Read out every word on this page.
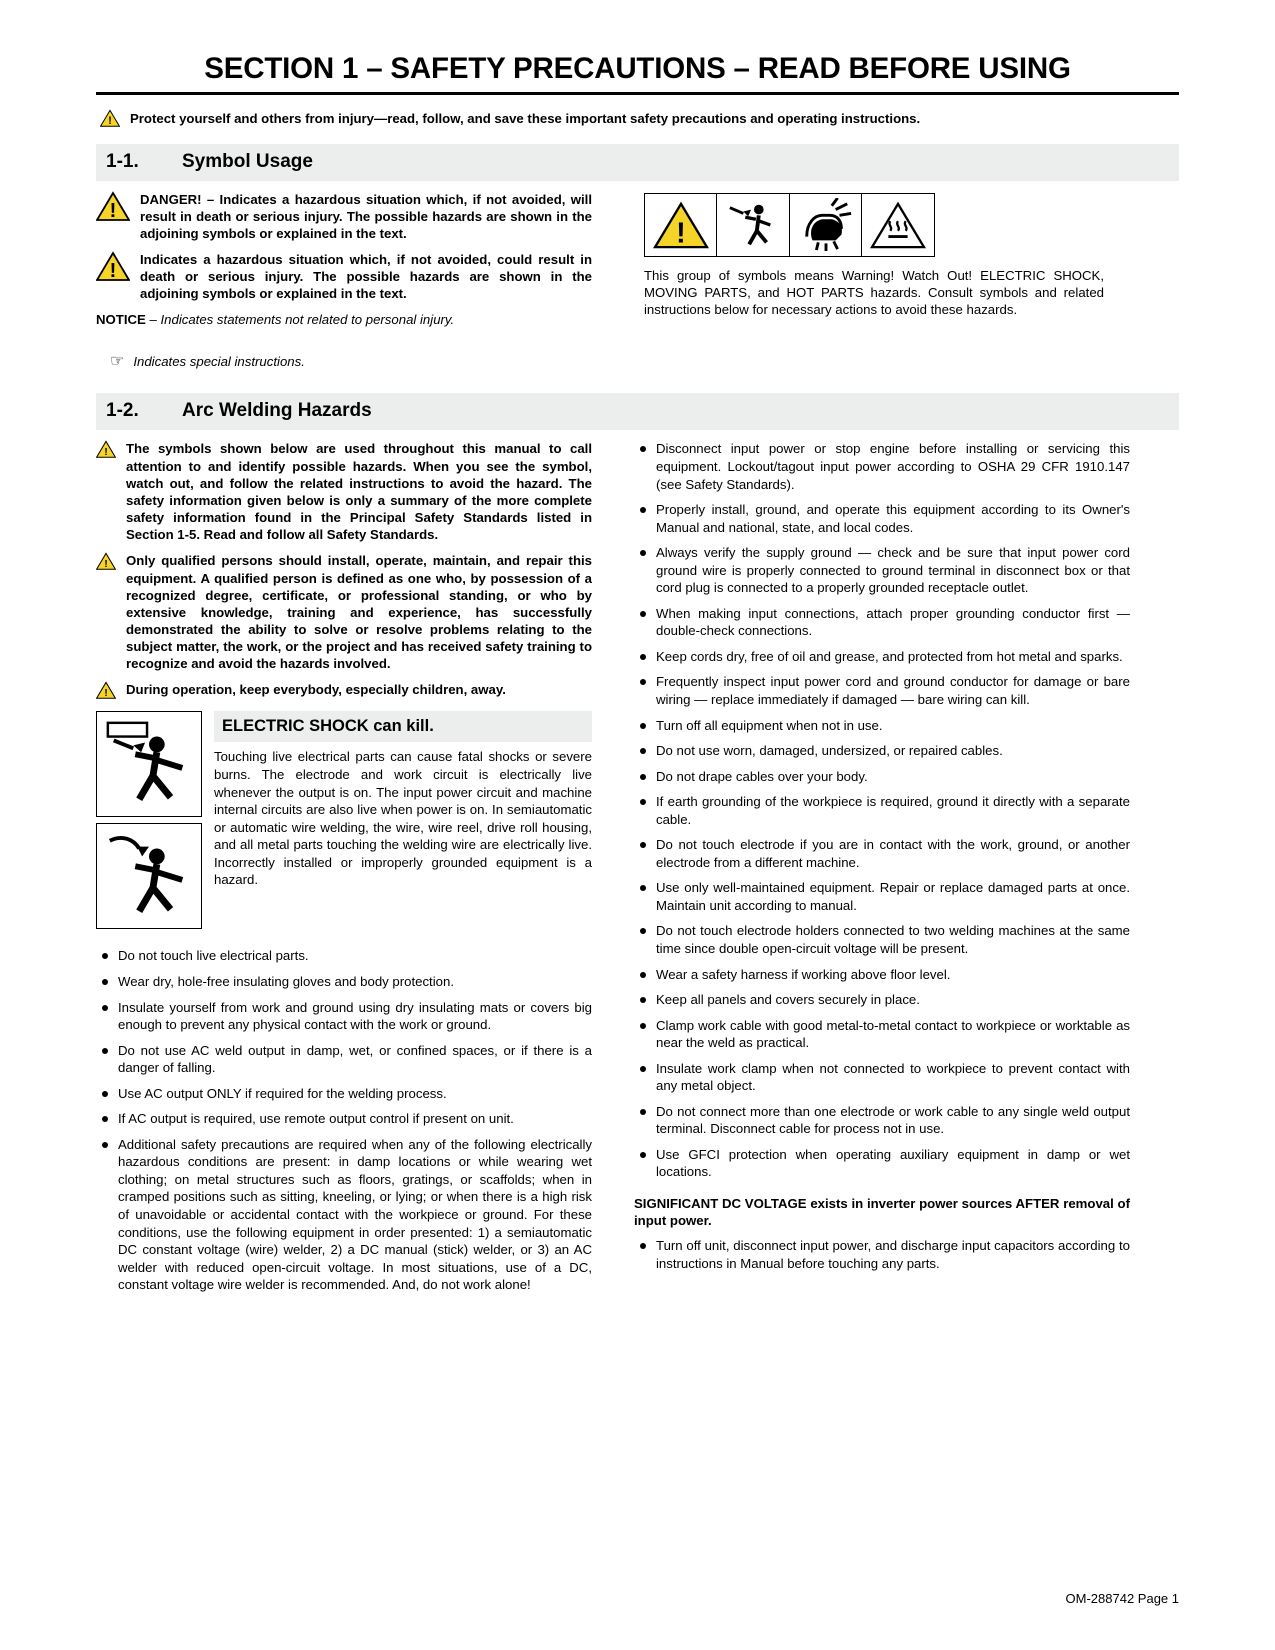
SECTION 1 – SAFETY PRECAUTIONS – READ BEFORE USING
! Protect yourself and others from injury—read, follow, and save these important safety precautions and operating instructions.
1-1.	Symbol Usage
!
DANGER! – Indicates a hazardous situation which, if not avoided, will result in death or serious injury. The possible hazards are shown in the adjoining symbols or explained in the text.
!
Indicates a hazardous situation which, if not avoided, could result in death or serious injury. The possible hazards are shown in the adjoining symbols or explained in the text.
NOTICE – Indicates statements not related to personal injury.
☞ Indicates special instructions.
!
This group of symbols means Warning! Watch Out! ELECTRIC SHOCK, MOVING PARTS, and HOT PARTS hazards. Consult symbols and related instructions below for necessary actions to avoid these hazards.
1-2.	Arc Welding Hazards
! The symbols shown below are used throughout this manual to call attention to and identify possible hazards. When you see the symbol, watch out, and follow the related instructions to avoid the hazard. The safety information given below is only a summary of the more complete safety information found in the Principal Safety Standards listed in Section 1-5. Read and follow all Safety Standards.
! Only qualified persons should install, operate, maintain, and repair this equipment. A qualified person is defined as one who, by possession of a recognized degree, certificate, or professional standing, or who by extensive knowledge, training and experience, has successfully demonstrated the ability to solve or resolve problems relating to the subject matter, the work, or the project and has received safety training to recognize and avoid the hazards involved.
! During operation, keep everybody, especially children, away.
ELECTRIC SHOCK can kill.
Touching live electrical parts can cause fatal shocks or severe burns. The electrode and work circuit is electrically live whenever the output is on. The input power circuit and machine internal circuits are also live when power is on. In semiautomatic or automatic wire welding, the wire, wire reel, drive roll housing, and all metal parts touching the welding wire are electrically live. Incorrectly installed or improperly grounded equipment is a hazard.
Do not touch live electrical parts.
Wear dry, hole-free insulating gloves and body protection.
Insulate yourself from work and ground using dry insulating mats or covers big enough to prevent any physical contact with the work or ground.
Do not use AC weld output in damp, wet, or confined spaces, or if there is a danger of falling.
Use AC output ONLY if required for the welding process.
If AC output is required, use remote output control if present on unit.
Additional safety precautions are required when any of the following electrically hazardous conditions are present: in damp locations or while wearing wet clothing; on metal structures such as floors, gratings, or scaffolds; when in cramped positions such as sitting, kneeling, or lying; or when there is a high risk of unavoidable or accidental contact with the workpiece or ground. For these conditions, use the following equipment in order presented: 1) a semiautomatic DC constant voltage (wire) welder, 2) a DC manual (stick) welder, or 3) an AC welder with reduced open-circuit voltage. In most situations, use of a DC, constant voltage wire welder is recommended. And, do not work alone!
Disconnect input power or stop engine before installing or servicing this equipment. Lockout/tagout input power according to OSHA 29 CFR 1910.147 (see Safety Standards).
Properly install, ground, and operate this equipment according to its Owner's Manual and national, state, and local codes.
Always verify the supply ground — check and be sure that input power cord ground wire is properly connected to ground terminal in disconnect box or that cord plug is connected to a properly grounded receptacle outlet.
When making input connections, attach proper grounding conductor first — double-check connections.
Keep cords dry, free of oil and grease, and protected from hot metal and sparks.
Frequently inspect input power cord and ground conductor for damage or bare wiring — replace immediately if damaged — bare wiring can kill.
Turn off all equipment when not in use.
Do not use worn, damaged, undersized, or repaired cables.
Do not drape cables over your body.
If earth grounding of the workpiece is required, ground it directly with a separate cable.
Do not touch electrode if you are in contact with the work, ground, or another electrode from a different machine.
Use only well-maintained equipment. Repair or replace damaged parts at once. Maintain unit according to manual.
Do not touch electrode holders connected to two welding machines at the same time since double open-circuit voltage will be present.
Wear a safety harness if working above floor level.
Keep all panels and covers securely in place.
Clamp work cable with good metal-to-metal contact to workpiece or worktable as near the weld as practical.
Insulate work clamp when not connected to workpiece to prevent contact with any metal object.
Do not connect more than one electrode or work cable to any single weld output terminal. Disconnect cable for process not in use.
Use GFCI protection when operating auxiliary equipment in damp or wet locations.
SIGNIFICANT DC VOLTAGE exists in inverter power sources AFTER removal of input power.
Turn off unit, disconnect input power, and discharge input capacitors according to instructions in Manual before touching any parts.
OM-288742 Page 1
